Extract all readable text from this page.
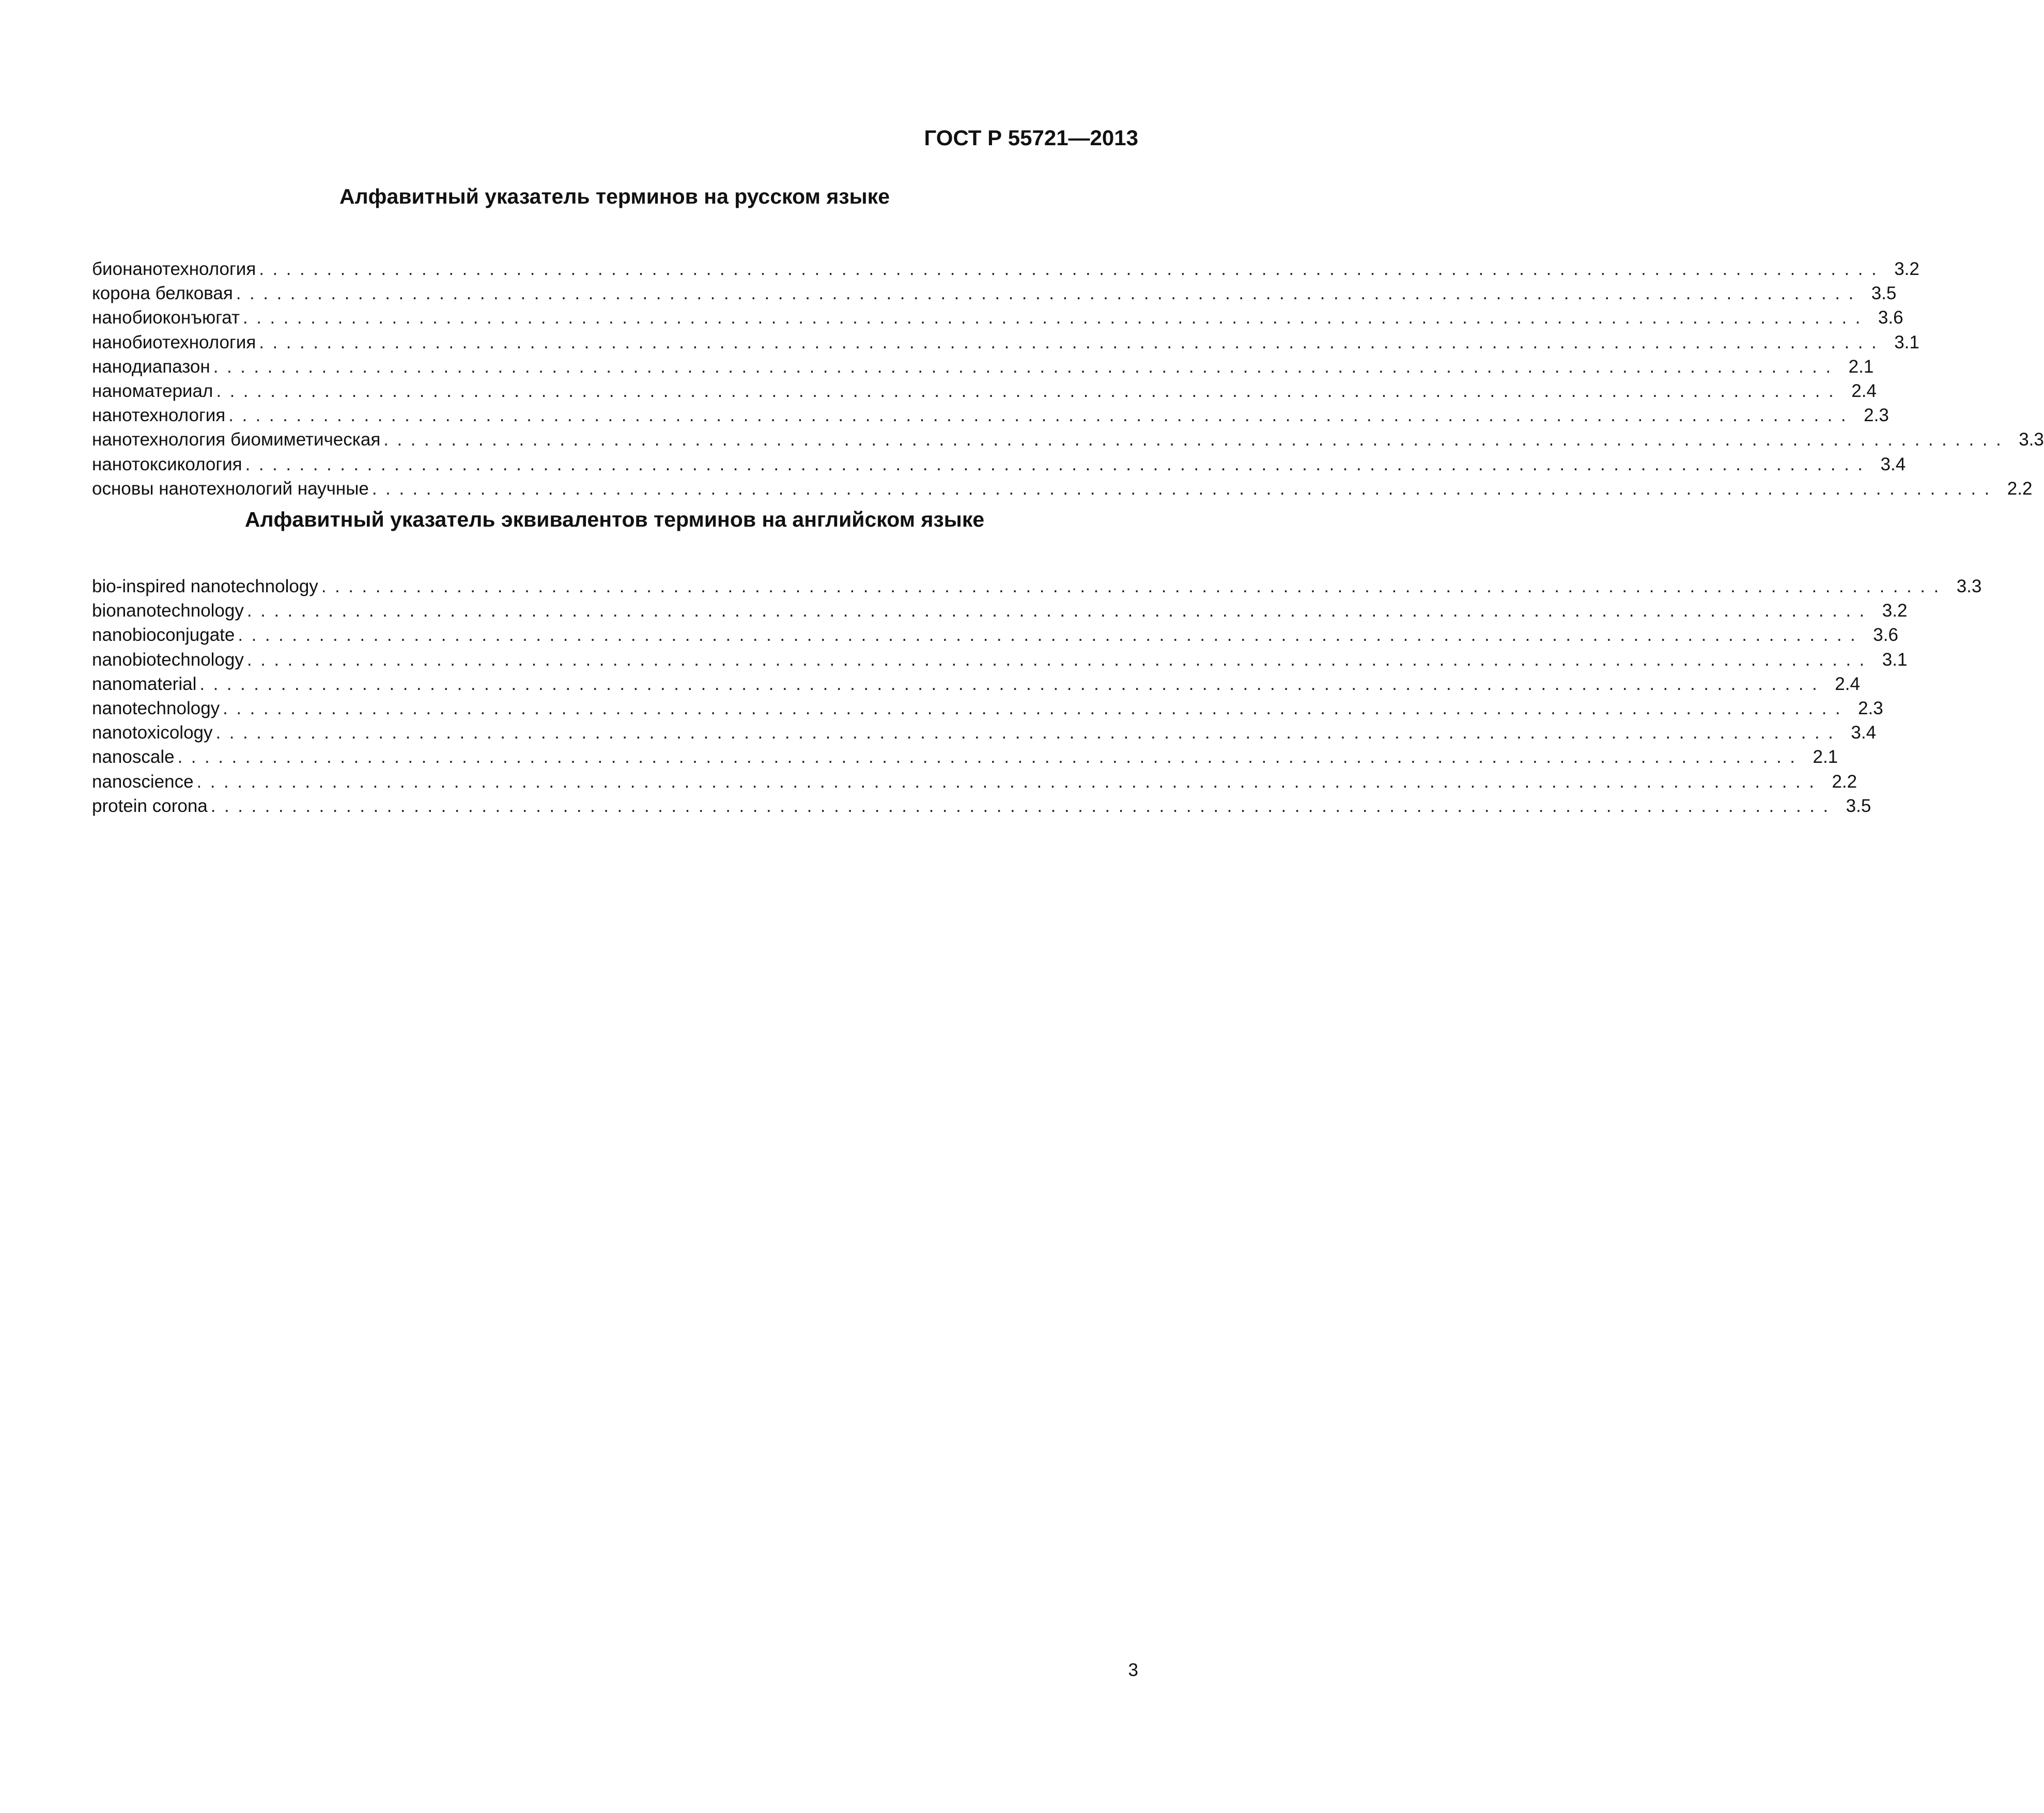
ГОСТ Р 55721—2013
Алфавитный указатель терминов на русском языке
бионанотехнология ........................................................................................................................ 3.2
корона белковая ........................................................................................................................ 3.5
нанобиоконъюгат ........................................................................................................................ 3.6
нанобиотехнология ........................................................................................................................ 3.1
нанодиапазон ........................................................................................................................ 2.1
наноматериал ........................................................................................................................ 2.4
нанотехнология ........................................................................................................................ 2.3
нанотехнология биомиметическая ........................................................................................................................ 3.3
нанотоксикология ........................................................................................................................ 3.4
основы нанотехнологий научные ........................................................................................................................ 2.2
Алфавитный указатель эквивалентов терминов на английском языке
bio-inspired nanotechnology ........................................................................................................................ 3.3
bionanotechnology ........................................................................................................................ 3.2
nanobioconjugate ........................................................................................................................ 3.6
nanobiotechnology ........................................................................................................................ 3.1
nanomaterial ........................................................................................................................ 2.4
nanotechnology ........................................................................................................................ 2.3
nanotoxicology ........................................................................................................................ 3.4
nanoscale ........................................................................................................................ 2.1
nanoscience ........................................................................................................................ 2.2
protein corona ........................................................................................................................ 3.5
3
